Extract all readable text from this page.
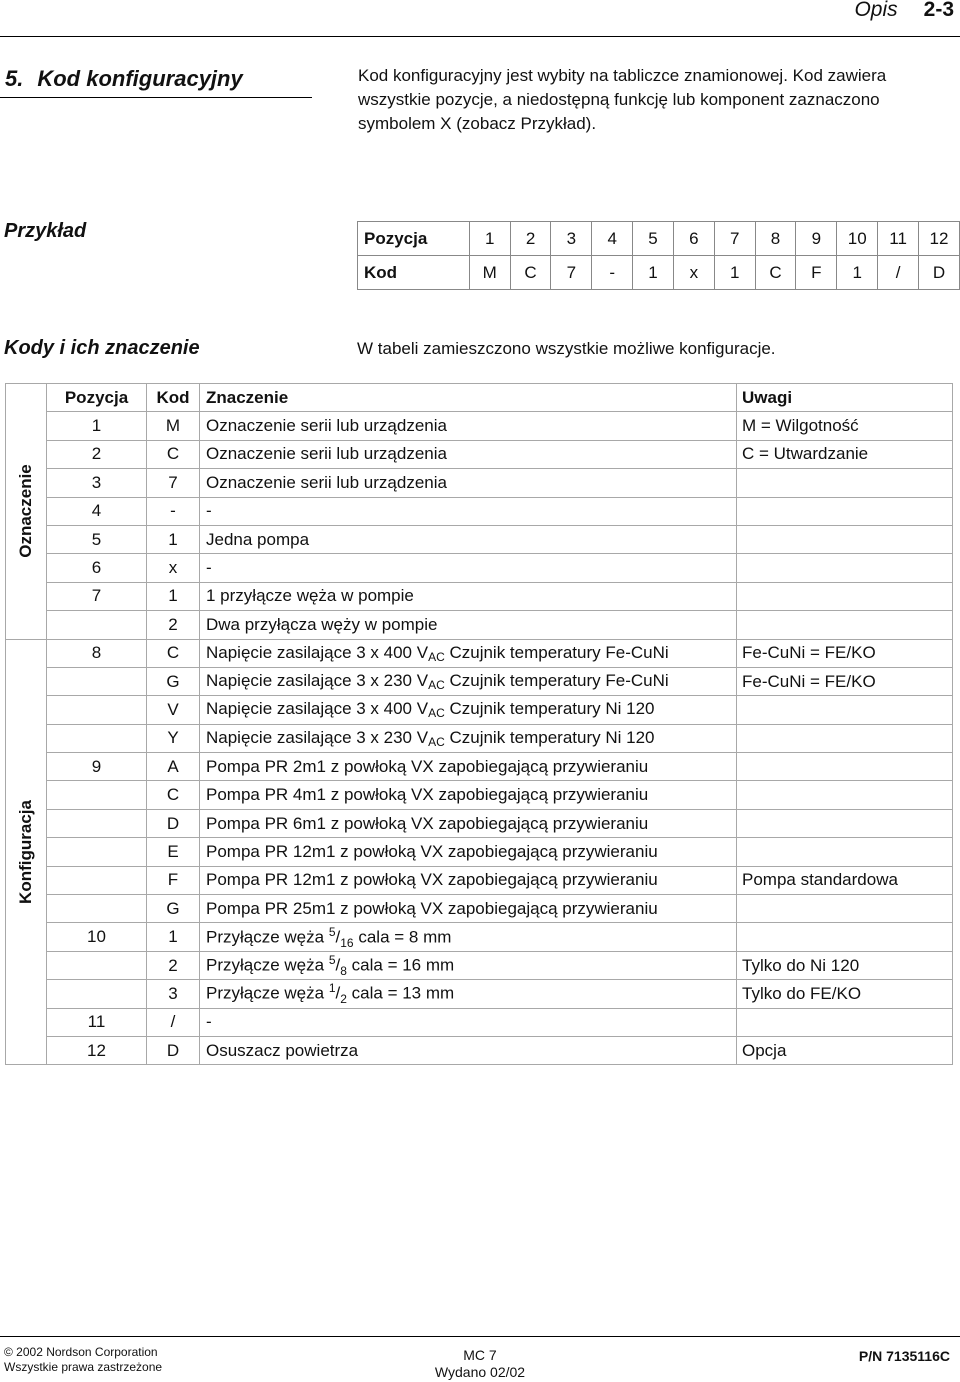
Opis 2-3
5. Kod konfiguracyjny	Kod konfiguracyjny jest wybity na tabliczce znamionowej. Kod zawiera wszystkie pozycje, a niedostępną funkcję lub komponent zaznaczono symbolem X (zobacz Przykład).
Przykład	Pozycja	1	2	3	4	5	6	7	8	9	10	11	12
Kod	M	C	7	-	1	x	1	C	F	1	/	D
Kody i ich znaczenie	W tabeli zamieszczono wszystkie możliwe konfiguracje.
Oznaczenie	Pozycja	Kod	Znaczenie	Uwagi
	1	M	Oznaczenie serii lub urządzenia	M = Wilgotność
	2	C	Oznaczenie serii lub urządzenia	C = Utwardzanie
	3	7	Oznaczenie serii lub urządzenia	
	4	-	-	
	5	1	Jedna pompa	
	6	x	-	
	7	1	1 przyłącze węża w pompie	
		2	Dwa przyłącza węży w pompie	

Konfiguracja	8	C	Napięcie zasilające 3 x 400 $V_{AC}$ Czujnik temperatury Fe-CuNi	Fe-CuNi = FE/KO
		G	Napięcie zasilające 3 x 230 $V_{AC}$ Czujnik temperatury Fe-CuNi	Fe-CuNi = FE/KO
		V	Napięcie zasilające 3 x 400 $V_{AC}$ Czujnik temperatury Ni 120	
		Y	Napięcie zasilające 3 x 230 $V_{AC}$ Czujnik temperatury Ni 120	
	9	A	Pompa PR 2m1 z powłoką VX zapobiegającą przywieraniu	
		C	Pompa PR 4m1 z powłoką VX zapobiegającą przywieraniu	
		D	Pompa PR 6m1 z powłoką VX zapobiegającą przywieraniu	
		E	Pompa PR 12m1 z powłoką VX zapobiegającą przywieraniu	
		F	Pompa PR 12m1 z powłoką VX zapobiegającą przywieraniu	Pompa standardowa
		G	Pompa PR 25m1 z powłoką VX zapobiegającą przywieraniu	
	10	1	Przyłącze węża $^5/_{16}$ cala = 8 mm	
		2	Przyłącze węża $^5/_8$ cala = 16 mm	Tylko do Ni 120
		3	Przyłącze węża $^1/_2$ cala = 13 mm	Tylko do FE/KO
	11	/	-	
	12	D	Osuszacz powietrza	Opcja
© 2002 Nordson Corporation
Wszystkie prawa zastrzeżone
MC 7
Wydano 02/02
P/N 7135116C
